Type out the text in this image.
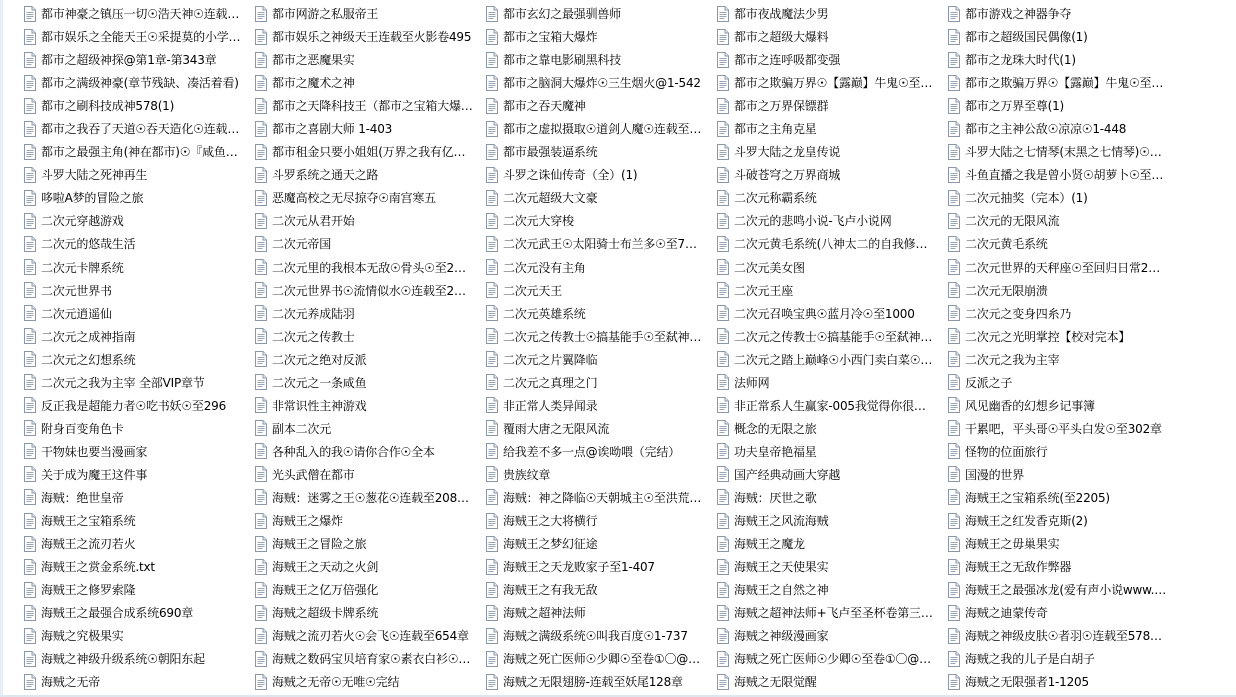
都市神豪之镇压一切☉浩天神☉连载…
都市娱乐之全能天王☉采提莫的小学…
都市之超级神探@第1章-第343章
都市之满级神豪(章节残缺、凑活着看)
都市之刷科技成神578(1)
都市之我吞了天道☉吞天造化☉连载…
都市之最强主角(神在都市)☉『咸鱼…
斗罗大陆之死神再生
哆啦A梦的冒险之旅
二次元穿越游戏
二次元的悠哉生活
二次元卡牌系统
二次元世界书
二次元逍遥仙
二次元之成神指南
二次元之幻想系统
二次元之我为主宰 全部VIP章节
反正我是超能力者☉吃书妖☉至296
附身百变角色卡
干物妹也要当漫画家
关于成为魔王这件事
海贼：绝世皇帝
海贼王之宝箱系统
海贼王之流刃若火
海贼王之赏金系统.txt
海贼王之修罗索隆
海贼王之最强合成系统690章
海贼之究极果实
海贼之神级升级系统☉朝阳东起
海贼之无帝
都市网游之私服帝王
都市娱乐之神级天王连载至火影卷495
都市之恶魔果实
都市之魔术之神
都市之天降科技王（都市之宝箱大爆…
都市之喜剧大师 1-403
都市租金只要小姐姐(万界之我有亿…
斗罗系统之通天之路
恶魔高校之无尽掠夺☉南宫寒五
二次元从君开始
二次元帝国
二次元里的我根本无敌☉骨头☉至2…
二次元世界书☉流情似水☉连载至2…
二次元养成陆羽
二次元之传教士
二次元之绝对反派
二次元之一条咸鱼
非常识性主神游戏
副本二次元
各种乱入的我☉请你合作☉全本
光头武僧在都市
海贼：迷雾之王☉葱花☉连载至208…
海贼王之爆炸
海贼王之冒险之旅
海贼王之天动之火剑
海贼王之亿万倍强化
海贼之超级卡牌系统
海贼之流刃若火☉会飞☉连载至654章
海贼之数码宝贝培育家☉素衣白衫☉…
海贼之无帝☉无唯☉完结
都市玄幻之最强驯兽师
都市之宝箱大爆炸
都市之靠电影刷黑科技
都市之脑洞大爆炸☉三生烟火@1-542
都市之吞天魔神
都市之虚拟摄取☉道剑人魔☉连载至…
都市最强装逼系统
斗罗之诛仙传奇（全）(1)
二次元超级大文豪
二次元大穿梭
二次元武王☉太阳骑士布兰多☉至7…
二次元没有主角
二次元天王
二次元英雄系统
二次元之传教士☉搞基能手☉至弑神…
二次元之片翼降临
二次元之真理之门
非正常人类异闻录
覆雨大唐之无限风流
给我差不多一点@诶呦喂（完结）
贵族纹章
海贼：神之降临☉天朝城主☉至洪荒…
海贼王之大将横行
海贼王之梦幻征途
海贼王之天龙败家子至1-407
海贼王之有我无敌
海贼之超神法师
海贼之满级系统☉叫我百度☉1-737
海贼之死亡医师☉少卿☉至卷①〇@…
海贼之无限翅膀-连载至妖尾128章
都市夜战魔法少男
都市之超级大爆料
都市之连呼吸都变强
都市之欺骗万界☉【露巅】牛鬼☉至…
都市之万界保镖群
都市之主角克星
斗罗大陆之龙皇传说
斗破苍穹之万界商城
二次元称霸系统
二次元的悲鸣小说-飞卢小说网
二次元黄毛系统(八神太二的自我修…
二次元美女图
二次元王座
二次元召唤宝典☉蓝月冷☉至1000
二次元之传教士☉搞基能手☉至弑神…
二次元之踏上巅峰☉小西门卖白菜☉…
法师网
非正常系人生赢家-005我觉得你很…
概念的无限之旅
功夫皇帝艳福星
国产经典动画大穿越
海贼：厌世之歌
海贼王之风流海贼
海贼王之魔龙
海贼王之天使果实
海贼王之自然之神
海贼之超神法师+飞卢至圣杯卷第三…
海贼之神级漫画家
海贼之死亡医师☉少卿☉至卷①〇@…
海贼之无限觉醒
都市游戏之神器争夺
都市之超级国民偶像(1)
都市之龙珠大时代(1)
都市之欺骗万界☉【露巅】牛鬼☉至…
都市之万界至尊(1)
都市之主神公敌☉凉凉☉1-448
斗罗大陆之七情琴(末黑之七情琴)☉…
斗鱼直播之我是曾小贤☉胡萝卜☉至…
二次元抽奖（完本）(1)
二次元的无限风流
二次元黄毛系统
二次元世界的天秤座☉至回归日常2…
二次元无限崩溃
二次元之变身四糸乃
二次元之光明掌控【校对完本】
二次元之我为主宰
反派之子
风见幽香的幻想乡记事簿
干累吧，平头哥☉平头白发☉至302章
怪物的位面旅行
国漫的世界
海贼王之宝箱系统(至2205)
海贼王之红发香克斯(2)
海贼王之毋巢果实
海贼王之无敌作弊器
海贼王之最强冰龙(爱有声小说www.…
海贼之迪蒙传奇
海贼之神级皮肤☉者羽☉连载至578…
海贼之我的儿子是白胡子
海贼之无限强者1-1205
